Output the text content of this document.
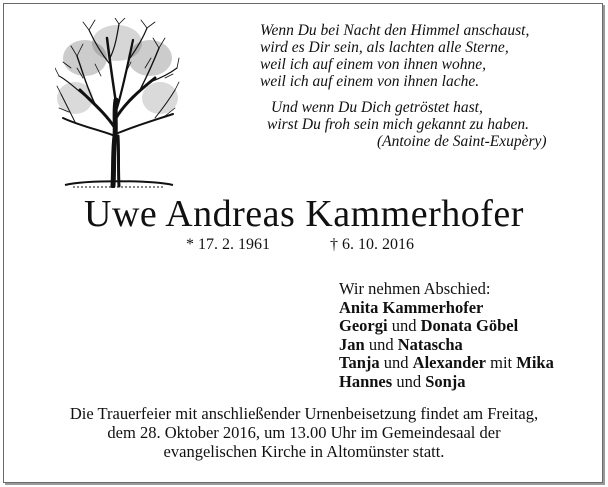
Wenn Du bei Nacht den Himmel anschaust,
wird es Dir sein, als lachten alle Sterne,
weil ich auf einem von ihnen wohne,
weil ich auf einem von ihnen lache.
Und wenn Du Dich getröstet hast,
wirst Du froh sein mich gekannt zu haben.
(Antoine de Saint-Exupèry)
Uwe Andreas Kammerhofer
* 17. 2. 1961	† 6. 10. 2016
Wir nehmen Abschied:
Anita Kammerhofer
Georgi und Donata Göbel
Jan und Natascha
Tanja und Alexander mit Mika
Hannes und Sonja
Die Trauerfeier mit anschließender Urnenbeisetzung findet am Freitag,
dem 28. Oktober 2016, um 13.00 Uhr im Gemeindesaal der
evangelischen Kirche in Altomünster statt.
